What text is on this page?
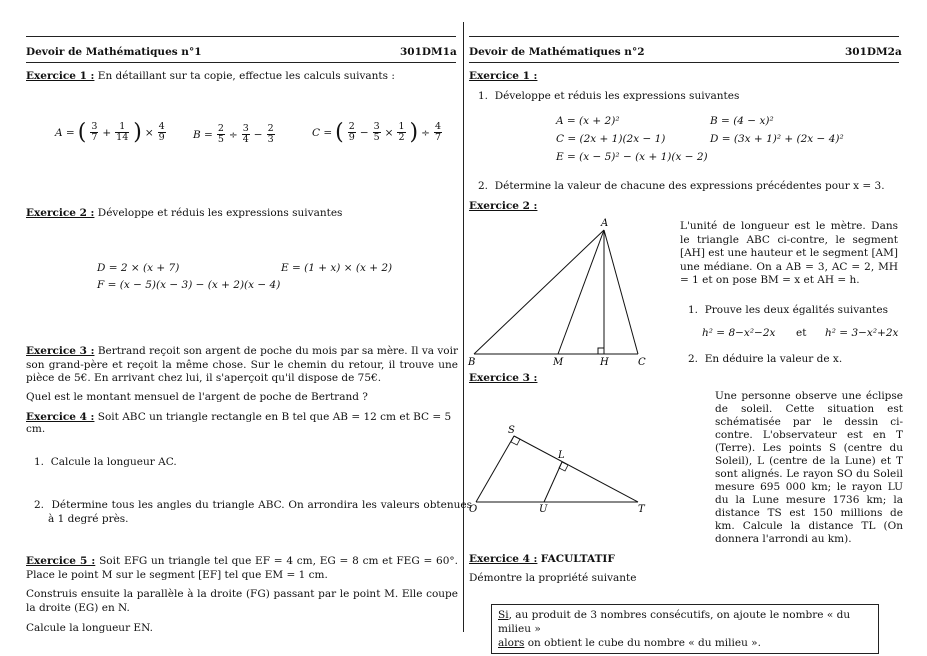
Devoir de Mathématiques n°1	301DM1a
Exercice 1 : En détaillant sur ta copie, effectue les calculs suivants :
A = ( $\frac{3}{7} + \frac{1}{14}$ ) × $\frac{4}{9}$	$B = \frac{2}{5} \div \frac{3}{4} - \frac{2}{3}$	C = ( $\frac{2}{9} - \frac{3}{5} \times \frac{1}{2}$ ) ÷ $\frac{4}{7}$
Exercice 2 : Développe et réduis les expressions suivantes
D = 2 × (x + 7)	E = (1 + x) × (x + 2)
F = (x − 5)(x − 3) − (x + 2)(x − 4)
Exercice 3 : Bertrand reçoit son argent de poche du mois par sa mère. Il va voir son grand-père et reçoit la même chose. Sur le chemin du retour, il trouve une pièce de 5€. En arrivant chez lui, il s'aperçoit qu'il dispose de 75€.
Quel est le montant mensuel de l'argent de poche de Bertrand ?
Exercice 4 : Soit ABC un triangle rectangle en B tel que AB = 12 cm et BC = 5 cm.
1.  Calcule la longueur AC.
2.  Détermine tous les angles du triangle ABC. On arrondira les valeurs obtenues à 1 degré près.
Exercice 5 : Soit EFG un triangle tel que EF = 4 cm, EG = 8 cm et FEG = 60°. Place le point M sur le segment [EF] tel que EM = 1 cm.
Construis ensuite la parallèle à la droite (FG) passant par le point M. Elle coupe la droite (EG) en N.
Calcule la longueur EN.
Devoir de Mathématiques n°2	301DM2a
Exercice 1 :
1.  Développe et réduis les expressions suivantes
A = (x + 2)²	B = (4 − x)²
C = (2x + 1)(2x − 1)	D = (3x + 1)² + (2x − 4)²
E = (x − 5)² − (x + 1)(x − 2)
2.  Détermine la valeur de chacune des expressions précédentes pour x = 3.
Exercice 2 :
A
B	M	H	C
L'unité de longueur est le mètre. Dans le triangle ABC ci-contre, le segment [AH] est une hauteur et le segment [AM] une médiane. On a AB = 3, AC = 2, MH = 1 et on pose BM = x et AH = h.
1.  Prouve les deux égalités suivantes
h² = 8−x²−2x et h² = 3−x²+2x
2.  En déduire la valeur de x.
Exercice 3 :
S
L
O	U	T
Une personne observe une éclipse de soleil. Cette situation est schématisée par le dessin ci-contre. L'observateur est en T (Terre). Les points S (centre du Soleil), L (centre de la Lune) et T sont alignés. Le rayon SO du Soleil mesure 695 000 km; le rayon LU du la Lune mesure 1736 km; la distance TS est 150 millions de km. Calcule la distance TL (On donnera l'arrondi au km).
Exercice 4 : FACULTATIF
Démontre la propriété suivante
Si, au produit de 3 nombres consécutifs, on ajoute le nombre « du milieu »
alors on obtient le cube du nombre « du milieu ».
